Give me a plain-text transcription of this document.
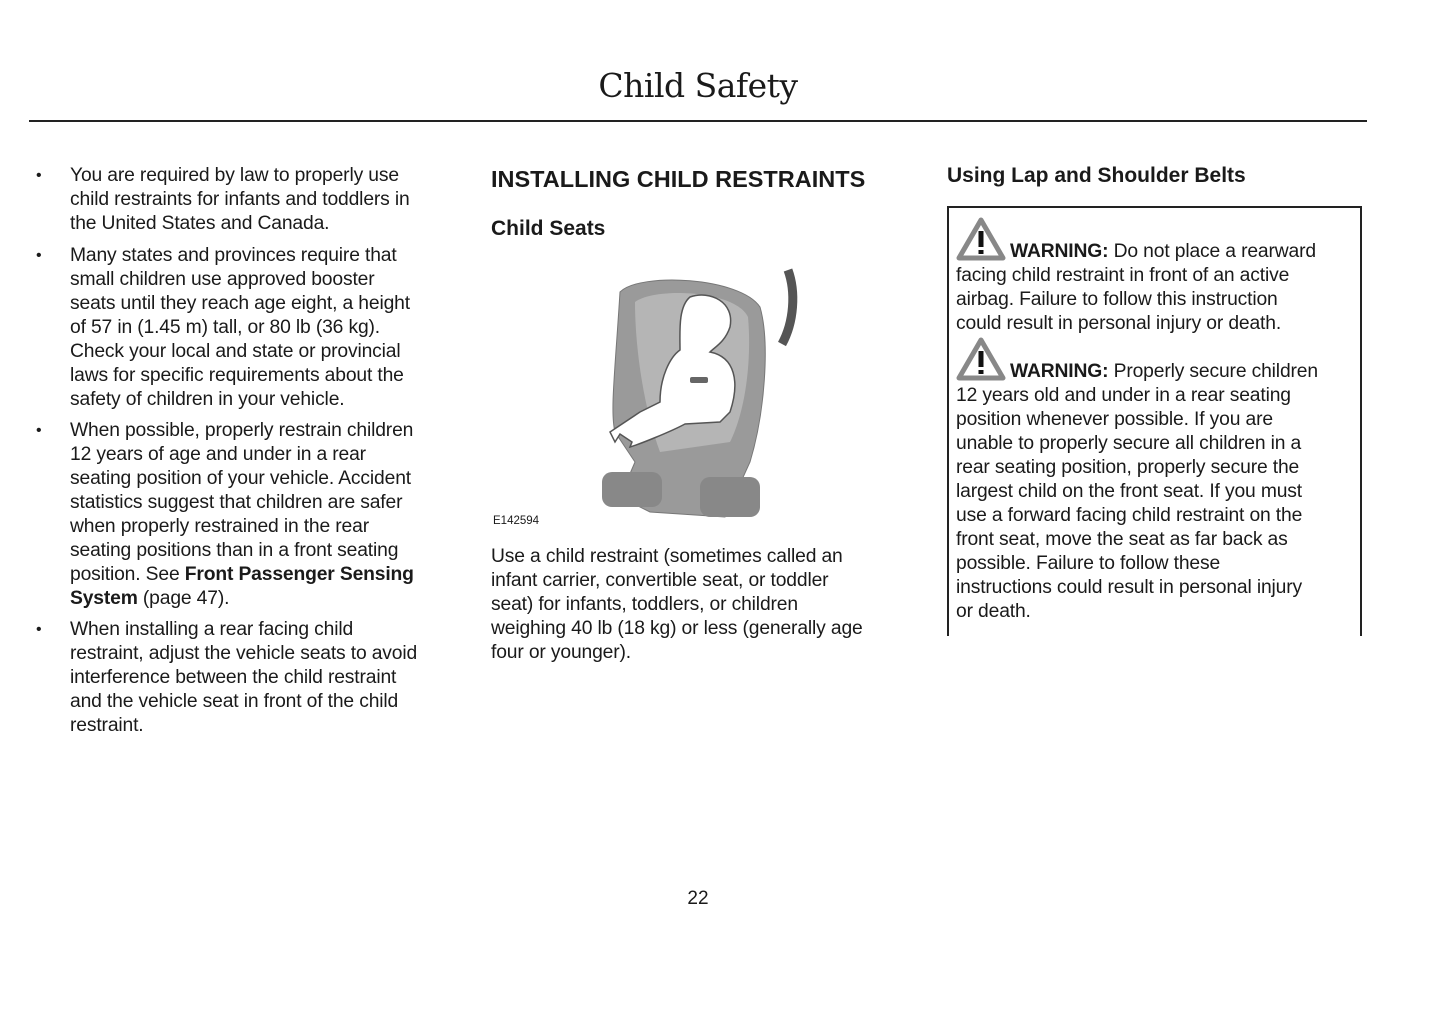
Child Safety
• You are required by law to properly use
child restraints for infants and toddlers in
the United States and Canada.
• Many states and provinces require that
small children use approved booster
seats until they reach age eight, a height
of 57 in (1.45 m) tall, or 80 lb (36 kg).
Check your local and state or provincial
laws for specific requirements about the
safety of children in your vehicle.
• When possible, properly restrain children
12 years of age and under in a rear
seating position of your vehicle. Accident
statistics suggest that children are safer
when properly restrained in the rear
seating positions than in a front seating
position. See Front Passenger Sensing
System (page 47).
• When installing a rear facing child
restraint, adjust the vehicle seats to avoid
interference between the child restraint
and the vehicle seat in front of the child
restraint.
INSTALLING CHILD RESTRAINTS
Child Seats
E142594
Use a child restraint (sometimes called an
infant carrier, convertible seat, or toddler
seat) for infants, toddlers, or children
weighing 40 lb (18 kg) or less (generally age
four or younger).
Using Lap and Shoulder Belts
WARNING: Do not place a rearward
facing child restraint in front of an active
airbag. Failure to follow this instruction
could result in personal injury or death.
WARNING: Properly secure children
12 years old and under in a rear seating
position whenever possible. If you are
unable to properly secure all children in a
rear seating position, properly secure the
largest child on the front seat. If you must
use a forward facing child restraint on the
front seat, move the seat as far back as
possible. Failure to follow these
instructions could result in personal injury
or death.
22
